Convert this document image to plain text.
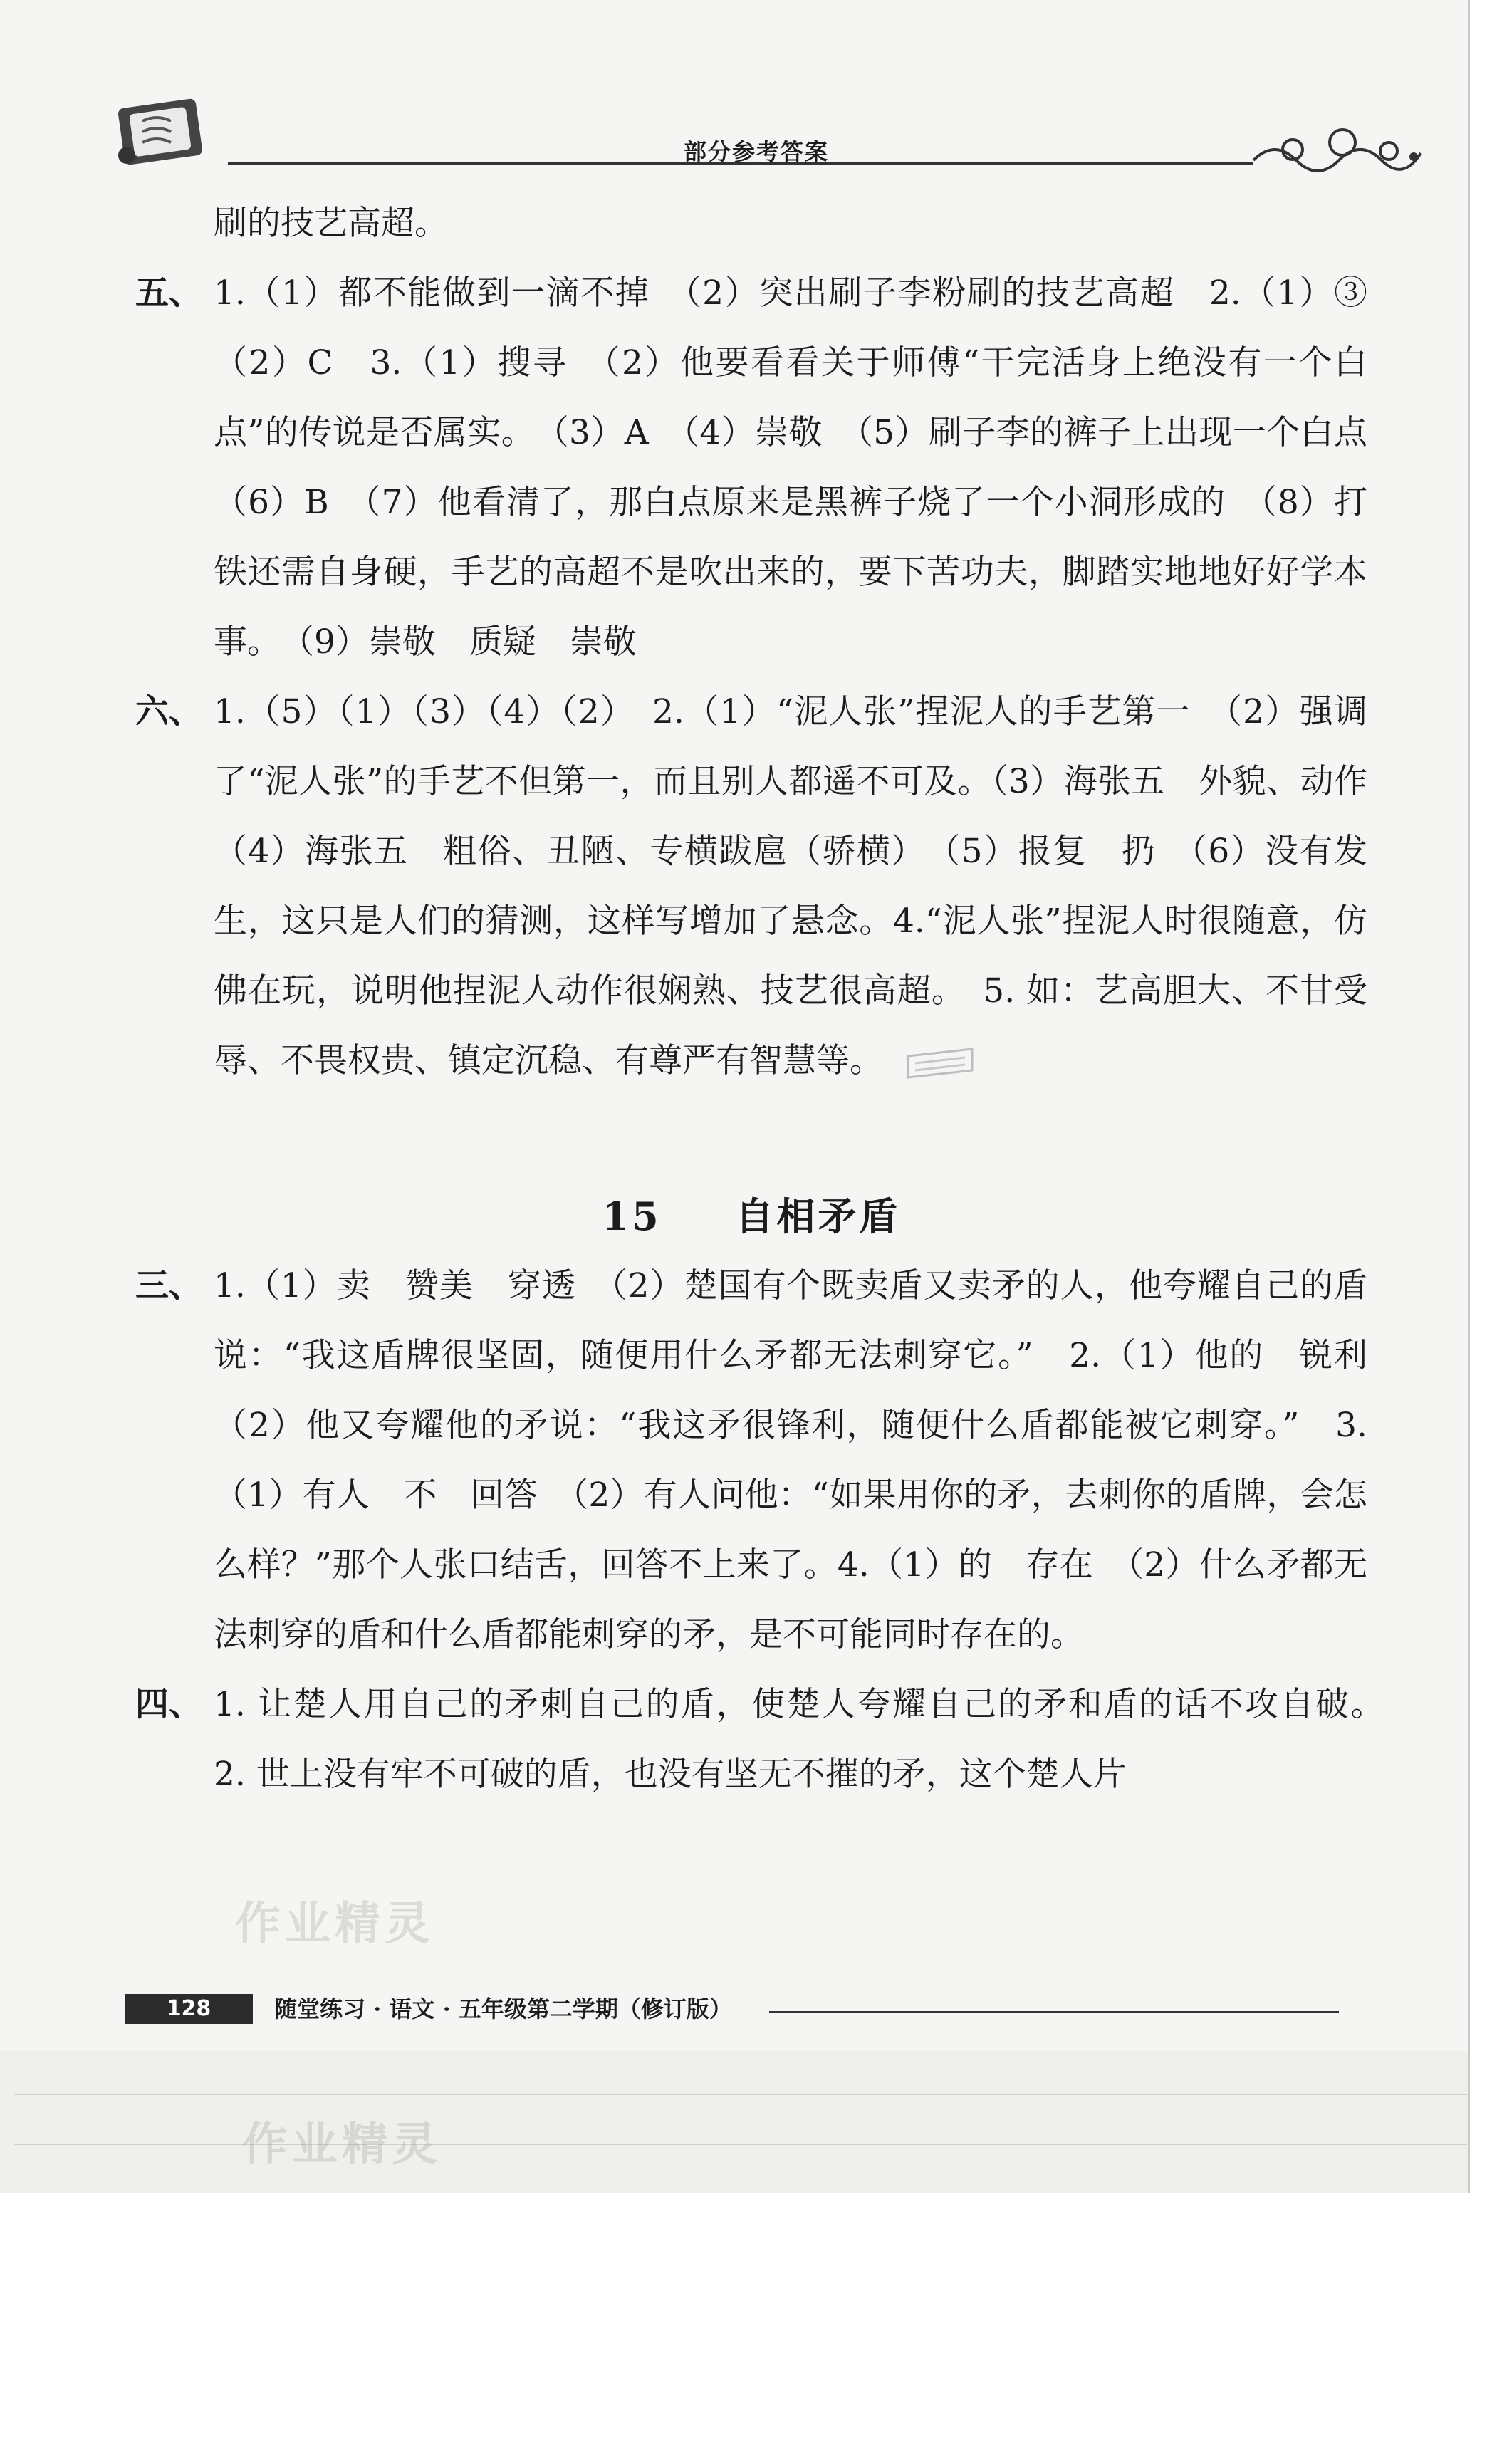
部分参考答案

刷的技艺高超。

五、 1.（1）都不能做到一滴不掉　（2）突出刷子李粉刷的技艺高超　2.（1）③　（2）C　3.（1）搜寻　（2）他要看看关于师傅“干完活身上绝没有一个白点”的传说是否属实。　（3）A　（4）崇敬　（5）刷子李的裤子上出现一个白点　（6）B　（7）他看清了，那白点原来是黑裤子烧了一个小洞形成的　（8）打铁还需自身硬，手艺的高超不是吹出来的，要下苦功夫，脚踏实地地好好学本事。　（9）崇敬　质疑　崇敬

六、 1.（5）（1）（3）（4）（2）　2.（1）“泥人张”捏泥人的手艺第一　（2）强调了“泥人张”的手艺不但第一，而且别人都遥不可及。（3）海张五　外貌、动作　（4）海张五　粗俗、丑陋、专横跋扈（骄横）　（5）报复　扔　（6）没有发生，这只是人们的猜测，这样写增加了悬念。4.“泥人张”捏泥人时很随意，仿佛在玩，说明他捏泥人动作很娴熟、技艺很高超。　5. 如：艺高胆大、不甘受辱、不畏权贵、镇定沉稳、有尊严有智慧等。

15 　 自相矛盾

三、 1.（1）卖　赞美　穿透　（2）楚国有个既卖盾又卖矛的人，他夸耀自己的盾说：“我这盾牌很坚固，随便用什么矛都无法刺穿它。”　2.（1）他的　锐利　（2）他又夸耀他的矛说：“我这矛很锋利，随便什么盾都能被它刺穿。”　3.（1）有人　不　回答　（2）有人问他：“如果用你的矛，去刺你的盾牌，会怎么样？”那个人张口结舌，回答不上来了。4.（1）的　存在　（2）什么矛都无法刺穿的盾和什么盾都能刺穿的矛，是不可能同时存在的。

四、 1. 让楚人用自己的矛刺自己的盾，使楚人夸耀自己的矛和盾的话不攻自破。　2. 世上没有牢不可破的盾，也没有坚无不摧的矛，这个楚人片

作业精灵
128	随堂练习 · 语文 · 五年级第二学期（修订版）
作业精灵
